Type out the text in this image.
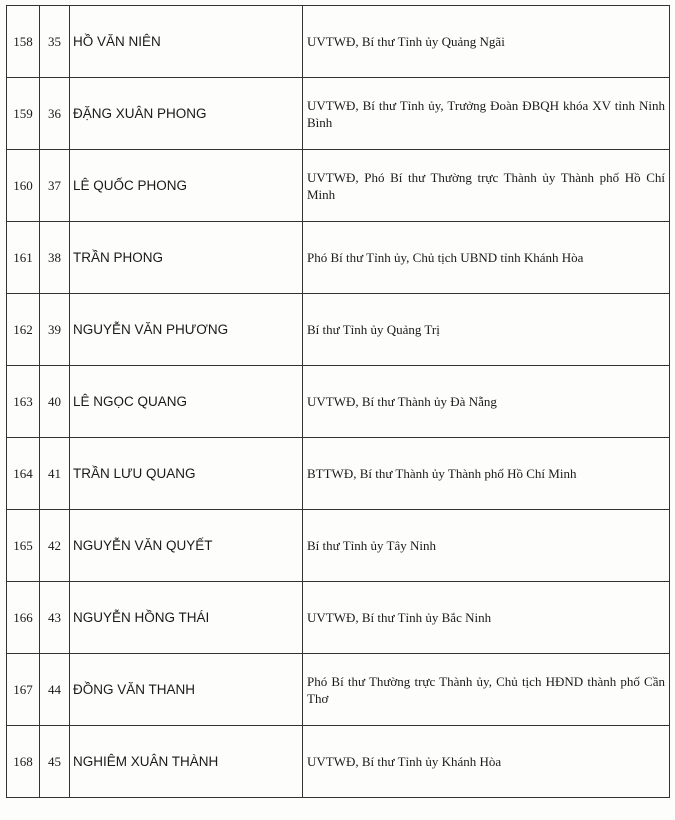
158	35	HỒ VĂN NIÊN	UVTWĐ, Bí thư Tỉnh ủy Quảng Ngãi
159	36	ĐẶNG XUÂN PHONG	UVTWĐ, Bí thư Tỉnh ủy, Trưởng Đoàn ĐBQH khóa XV tỉnh Ninh Bình
160	37	LÊ QUỐC PHONG	UVTWĐ, Phó Bí thư Thường trực Thành ủy Thành phố Hồ Chí Minh
161	38	TRẦN PHONG	Phó Bí thư Tỉnh ủy, Chủ tịch UBND tỉnh Khánh Hòa
162	39	NGUYỄN VĂN PHƯƠNG	Bí thư Tỉnh ủy Quảng Trị
163	40	LÊ NGỌC QUANG	UVTWĐ, Bí thư Thành ủy Đà Nẵng
164	41	TRẦN LƯU QUANG	BTTWĐ, Bí thư Thành ủy Thành phố Hồ Chí Minh
165	42	NGUYỄN VĂN QUYẾT	Bí thư Tỉnh ủy Tây Ninh
166	43	NGUYỄN HỒNG THÁI	UVTWĐ, Bí thư Tỉnh ủy Bắc Ninh
167	44	ĐỒNG VĂN THANH	Phó Bí thư Thường trực Thành ủy, Chủ tịch HĐND thành phố Cần Thơ
168	45	NGHIÊM XUÂN THÀNH	UVTWĐ, Bí thư Tỉnh ủy Khánh Hòa
